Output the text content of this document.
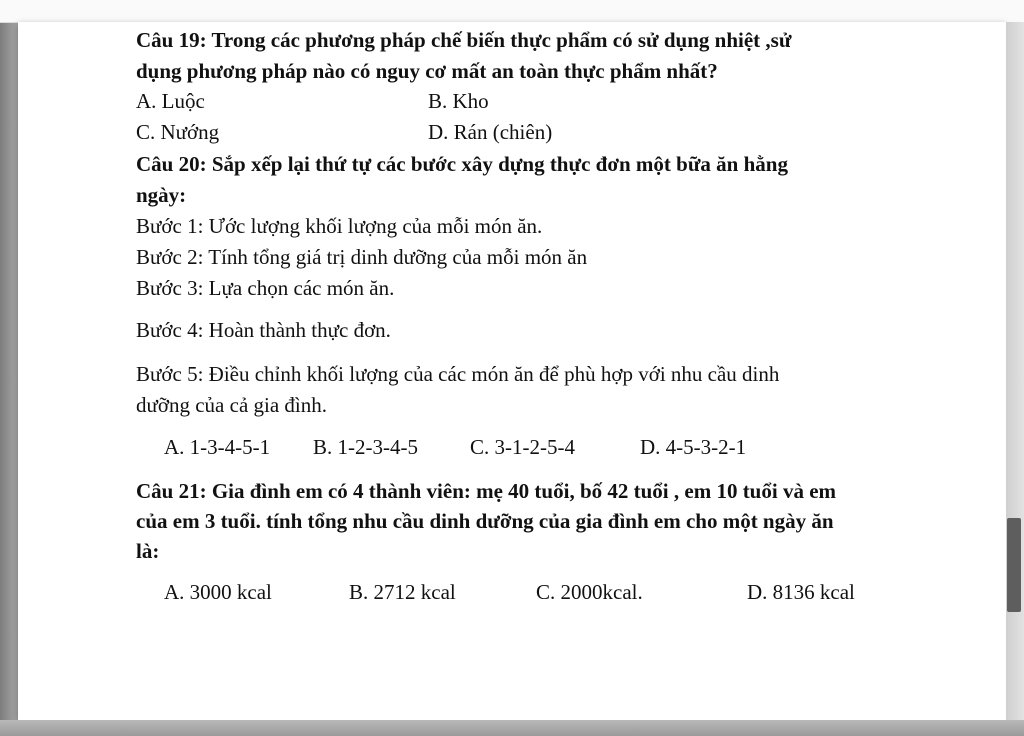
Câu 19: Trong các phương pháp chế biến thực phẩm có sử dụng nhiệt ,sử
dụng phương pháp nào có nguy cơ mất an toàn thực phẩm nhất?
A. Luộc	B. Kho
C. Nướng	D. Rán (chiên)
Câu 20: Sắp xếp lại thứ tự các bước xây dựng thực đơn một bữa ăn hằng
ngày:
Bước 1: Ước lượng khối lượng của mỗi món ăn.
Bước 2: Tính tổng giá trị dinh dưỡng của mỗi món ăn
Bước 3: Lựa chọn các món ăn.
Bước 4: Hoàn thành thực đơn.
Bước 5: Điều chỉnh khối lượng của các món ăn để phù hợp với nhu cầu dinh
dưỡng của cả gia đình.
A. 1-3-4-5-1 B. 1-2-3-4-5 C. 3-1-2-5-4	D. 4-5-3-2-1
Câu 21: Gia đình em có 4 thành viên: mẹ 40 tuổi, bố 42 tuổi , em 10 tuổi và em
của em 3 tuổi. tính tổng nhu cầu dinh dưỡng của gia đình em cho một ngày ăn
là:
A. 3000 kcal	B. 2712 kcal	C. 2000kcal.	D. 8136 kcal
